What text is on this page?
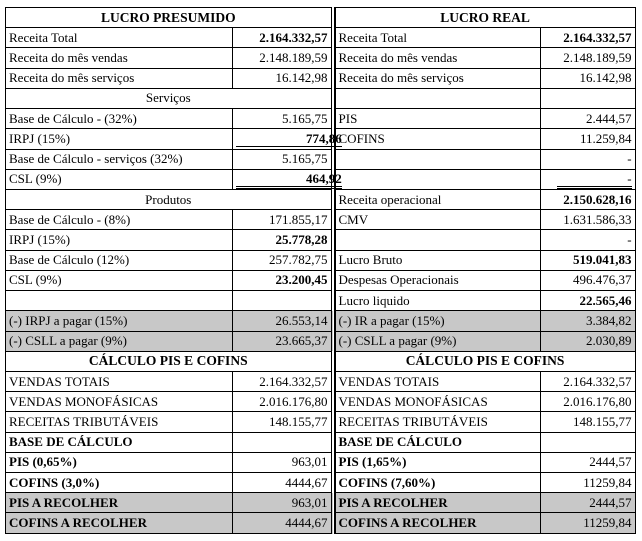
LUCRO PRESUMIDO	
Receita Total	2.164.332,57
Receita do mês vendas	2.148.189,59
Receita do mês serviços	16.142,98
Serviços	
Base de Cálculo - (32%)	5.165,75
IRPJ (15%)	774,86
Base de Cálculo - serviços (32%)	5.165,75
CSL (9%)	464,92
Produtos	
Base de Cálculo - (8%)	171.855,17
IRPJ (15%)	25.778,28
Base de Cálculo (12%)	257.782,75
CSL (9%)	23.200,45

(-) IRPJ a pagar (15%)	26.553,14
(-) CSLL a pagar (9%)	23.665,37
CÁLCULO PIS E COFINS	
VENDAS TOTAIS	2.164.332,57
VENDAS MONOFÁSICAS	2.016.176,80
RECEITAS TRIBUTÁVEIS	148.155,77
BASE DE CÁLCULO	
PIS (0,65%)	963,01
COFINS (3,0%)	4444,67
PIS A RECOLHER	963,01
COFINS A RECOLHER	4444,67
LUCRO REAL	
Receita Total	2.164.332,57
Receita do mês vendas	2.148.189,59
Receita do mês serviços	16.142,98

PIS	2.444,57
COFINS	11.259,84
	-
	-
Receita operacional	2.150.628,16
CMV	1.631.586,33
	-
Lucro Bruto	519.041,83
Despesas Operacionais	496.476,37
Lucro liquido	22.565,46
(-) IR a pagar (15%)	3.384,82
(-) CSLL a pagar (9%)	2.030,89
CÁLCULO PIS E COFINS	
VENDAS TOTAIS	2.164.332,57
VENDAS MONOFÁSICAS	2.016.176,80
RECEITAS TRIBUTÁVEIS	148.155,77
BASE DE CÁLCULO	
PIS (1,65%)	2444,57
COFINS (7,60%)	11259,84
PIS A RECOLHER	2444,57
COFINS A RECOLHER	11259,84
